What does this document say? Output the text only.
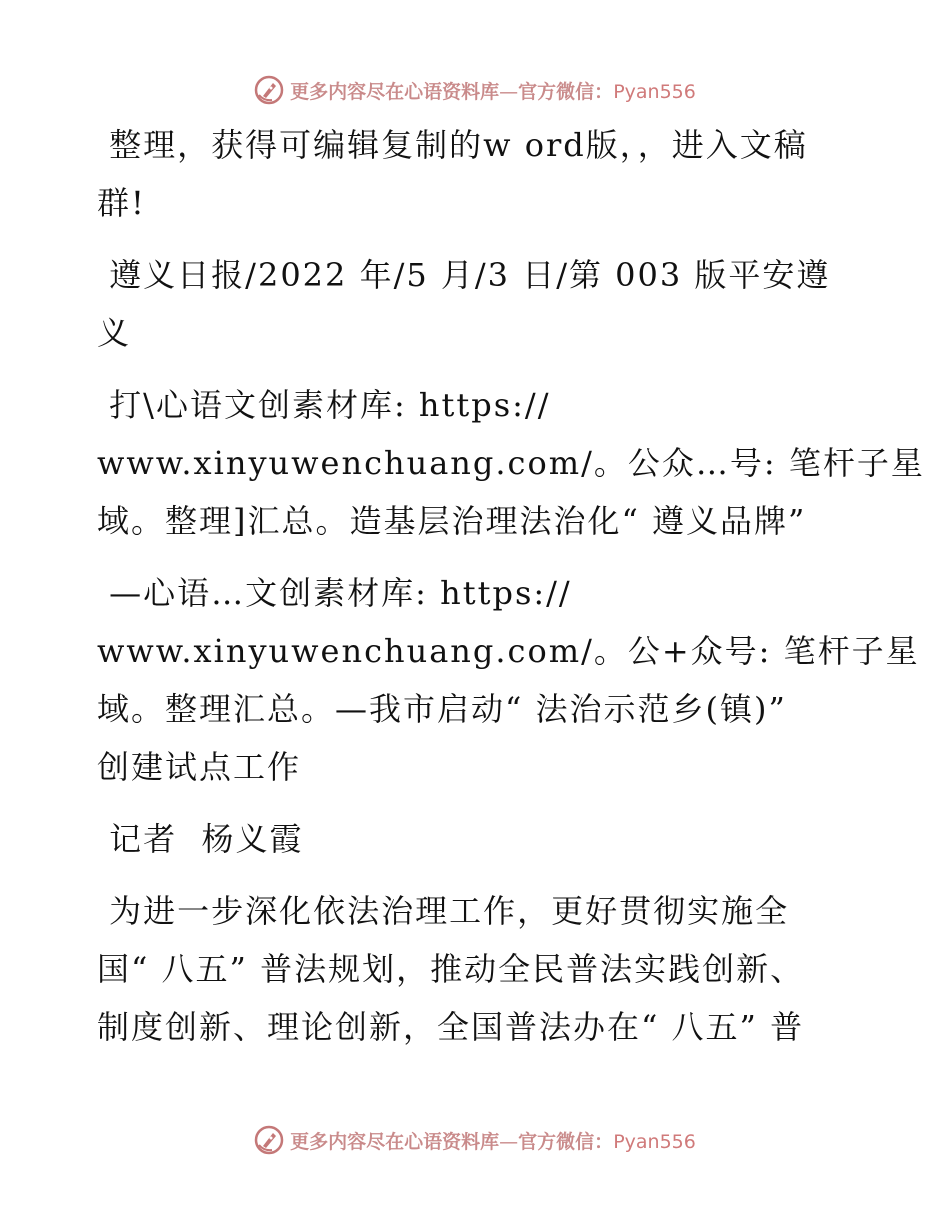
更多内容尽在心语资料库—官方微信：Pyan556
整理，获得可编辑复制的w ord版，，进入文稿
群!
遵义日报/2022 年/5 月/3 日/第 003 版平安遵
义
打\心语文创素材库: https://
www.xinyuwenchuang.com/。公众…号: 笔杆子星
域。整理]汇总。造基层治理法治化“ 遵义品牌”
—心语…文创素材库: https://
www.xinyuwenchuang.com/。公+众号: 笔杆子星
域。整理汇总。—我市启动“ 法治示范乡(镇)”
创建试点工作
记者  杨义霞
为进一步深化依法治理工作，更好贯彻实施全
国“ 八五” 普法规划，推动全民普法实践创新、
制度创新、理论创新，全国普法办在“ 八五” 普
更多内容尽在心语资料库—官方微信：Pyan556
